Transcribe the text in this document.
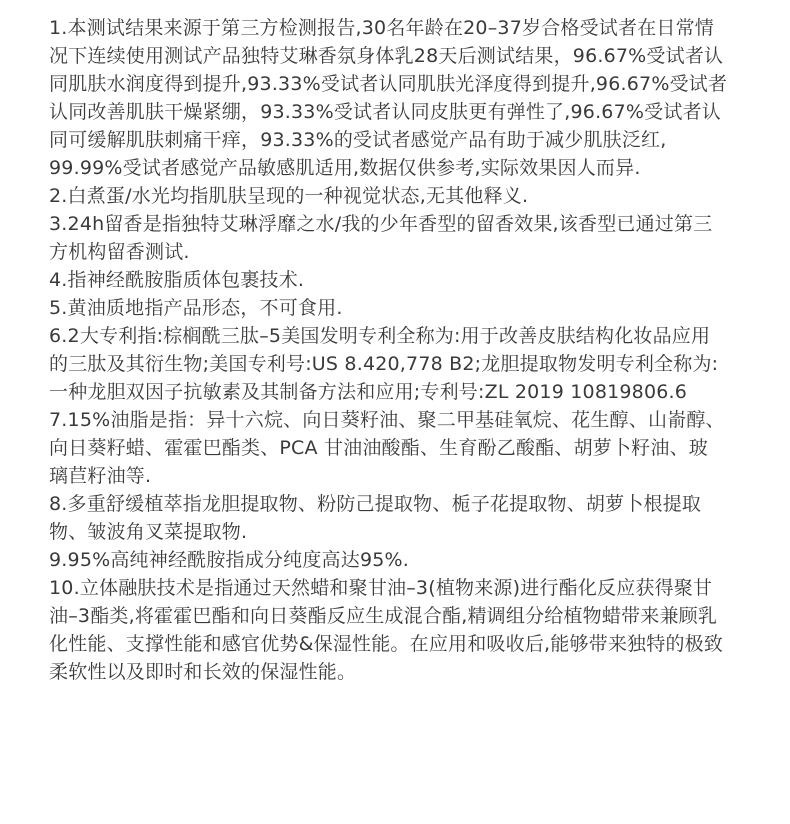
1.本测试结果来源于第三方检测报告,30名年龄在20–37岁合格受试者在日常情
况下连续使用测试产品独特艾琳香氛身体乳28天后测试结果，96.67%受试者认
同肌肤水润度得到提升,93.33%受试者认同肌肤光泽度得到提升,96.67%受试者
认同改善肌肤干燥紧绷，93.33%受试者认同皮肤更有弹性了,96.67%受试者认
同可缓解肌肤刺痛干痒，93.33%的受试者感觉产品有助于减少肌肤泛红,
99.99%受试者感觉产品敏感肌适用,数据仅供参考,实际效果因人而异.
2.白煮蛋/水光均指肌肤呈现的一种视觉状态,无其他释义.
3.24h留香是指独特艾琳浮靡之水/我的少年香型的留香效果,该香型已通过第三
方机构留香测试.
4.指神经酰胺脂质体包裹技术.
5.黄油质地指产品形态，不可食用.
6.2大专利指:棕榈酰三肽–5美国发明专利全称为:用于改善皮肤结构化妆品应用
的三肽及其衍生物;美国专利号:US 8.420,778 B2;龙胆提取物发明专利全称为:
一种龙胆双因子抗敏素及其制备方法和应用;专利号:ZL 2019 10819806.6
7.15%油脂是指：异十六烷、向日葵籽油、聚二甲基硅氧烷、花生醇、山嵛醇、
向日葵籽蜡、霍霍巴酯类、PCA 甘油油酸酯、生育酚乙酸酯、胡萝卜籽油、玻
璃苣籽油等.
8.多重舒缓植萃指龙胆提取物、粉防己提取物、栀子花提取物、胡萝卜根提取
物、皱波角叉菜提取物.
9.95%高纯神经酰胺指成分纯度高达95%.
10.立体融肤技术是指通过天然蜡和聚甘油–3(植物来源)进行酯化反应获得聚甘
油–3酯类,将霍霍巴酯和向日葵酯反应生成混合酯,精调组分给植物蜡带来兼顾乳
化性能、支撑性能和感官优势&保湿性能。在应用和吸收后,能够带来独特的极致
柔软性以及即时和长效的保湿性能。
